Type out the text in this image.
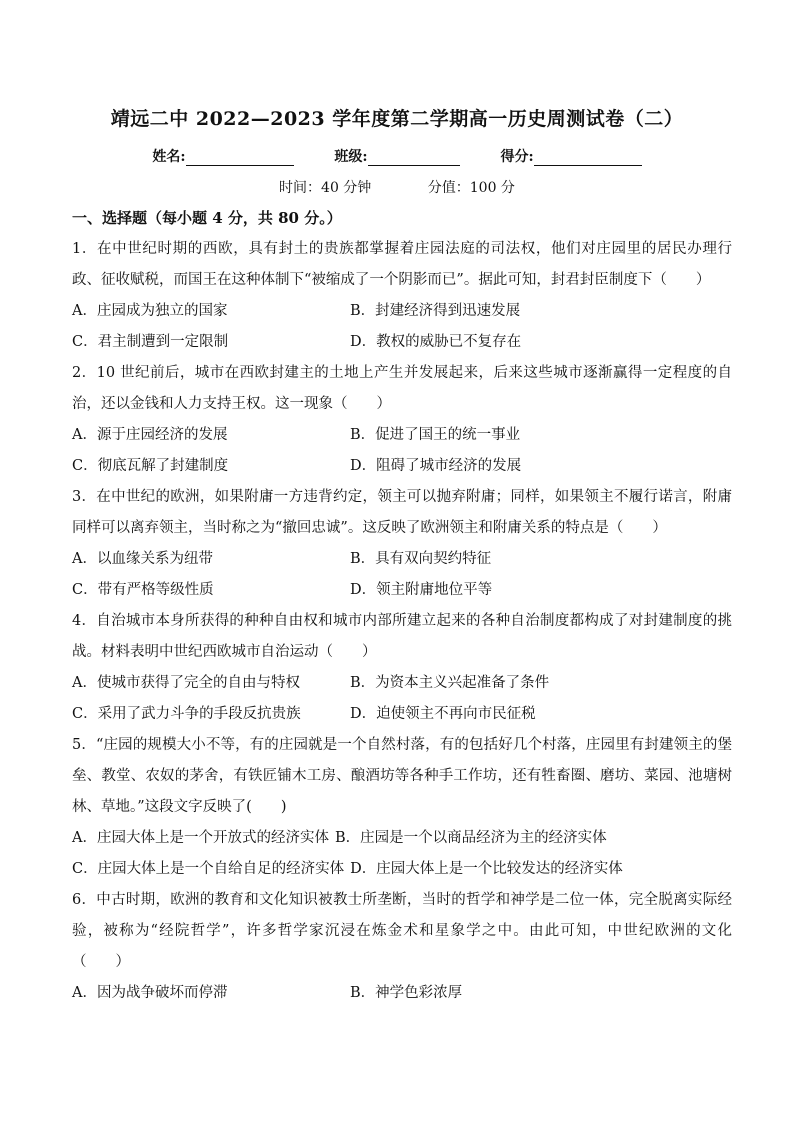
靖远二中 2022—2023 学年度第二学期高一历史周测试卷（二）
姓名:	班级:	得分:
时间：40 分钟	分值：100 分
一、选择题（每小题 4 分，共 80 分。）
1．在中世纪时期的西欧，具有封土的贵族都掌握着庄园法庭的司法权，他们对庄园里的居民办理行政、征收赋税，而国王在这种体制下“被缩成了一个阴影而已”。据此可知，封君封臣制度下（　　）
A．庄园成为独立的国家	B．封建经济得到迅速发展
C．君主制遭到一定限制	D．教权的威胁已不复存在
2．10 世纪前后，城市在西欧封建主的土地上产生并发展起来，后来这些城市逐渐赢得一定程度的自治，还以金钱和人力支持王权。这一现象（　　）
A．源于庄园经济的发展	B．促进了国王的统一事业
C．彻底瓦解了封建制度	D．阻碍了城市经济的发展
3．在中世纪的欧洲，如果附庸一方违背约定，领主可以抛弃附庸；同样，如果领主不履行诺言，附庸同样可以离弃领主，当时称之为“撤回忠诚”。这反映了欧洲领主和附庸关系的特点是（　　）
A．以血缘关系为纽带	B．具有双向契约特征
C．带有严格等级性质	D．领主附庸地位平等
4．自治城市本身所获得的种种自由权和城市内部所建立起来的各种自治制度都构成了对封建制度的挑战。材料表明中世纪西欧城市自治运动（　　）
A．使城市获得了完全的自由与特权	B．为资本主义兴起准备了条件
C．采用了武力斗争的手段反抗贵族	D．迫使领主不再向市民征税
5．“庄园的规模大小不等，有的庄园就是一个自然村落，有的包括好几个村落，庄园里有封建领主的堡垒、教堂、农奴的茅舍，有铁匠铺木工房、酿酒坊等各种手工作坊，还有牲畜圈、磨坊、菜园、池塘树林、草地。”这段文字反映了(　　)
A．庄园大体上是一个开放式的经济实体 B．庄园是一个以商品经济为主的经济实体
C．庄园大体上是一个自给自足的经济实体 D．庄园大体上是一个比较发达的经济实体
6．中古时期，欧洲的教育和文化知识被教士所垄断，当时的哲学和神学是二位一体，完全脱离实际经验，被称为“经院哲学”，许多哲学家沉浸在炼金术和星象学之中。由此可知，中世纪欧洲的文化（　　）
A．因为战争破坏而停滞	B．神学色彩浓厚
